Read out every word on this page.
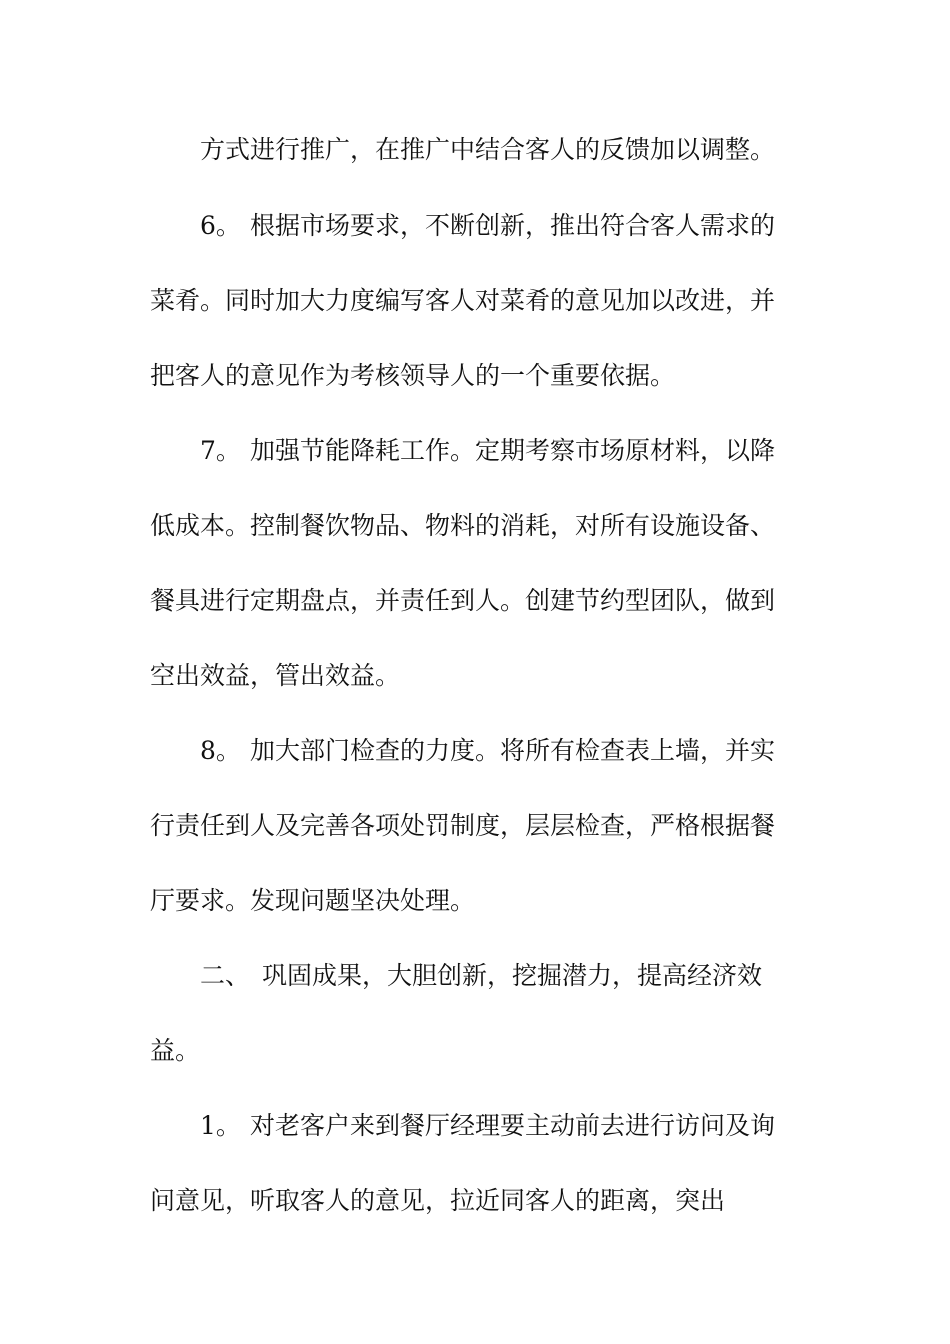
方式进行推广，在推广中结合客人的反馈加以调整。
6。 根据市场要求，不断创新，推出符合客人需求的
菜肴。同时加大力度编写客人对菜肴的意见加以改进，并
把客人的意见作为考核领导人的一个重要依据。
7。 加强节能降耗工作。定期考察市场原材料，以降
低成本。控制餐饮物品、物料的消耗，对所有设施设备、
餐具进行定期盘点，并责任到人。创建节约型团队，做到
空出效益，管出效益。
8。 加大部门检查的力度。将所有检查表上墙，并实
行责任到人及完善各项处罚制度，层层检查，严格根据餐
厅要求。发现问题坚决处理。
二、 巩固成果，大胆创新，挖掘潜力，提高经济效
益。
1。 对老客户来到餐厅经理要主动前去进行访问及询
问意见，听取客人的意见，拉近同客人的距离，突出
